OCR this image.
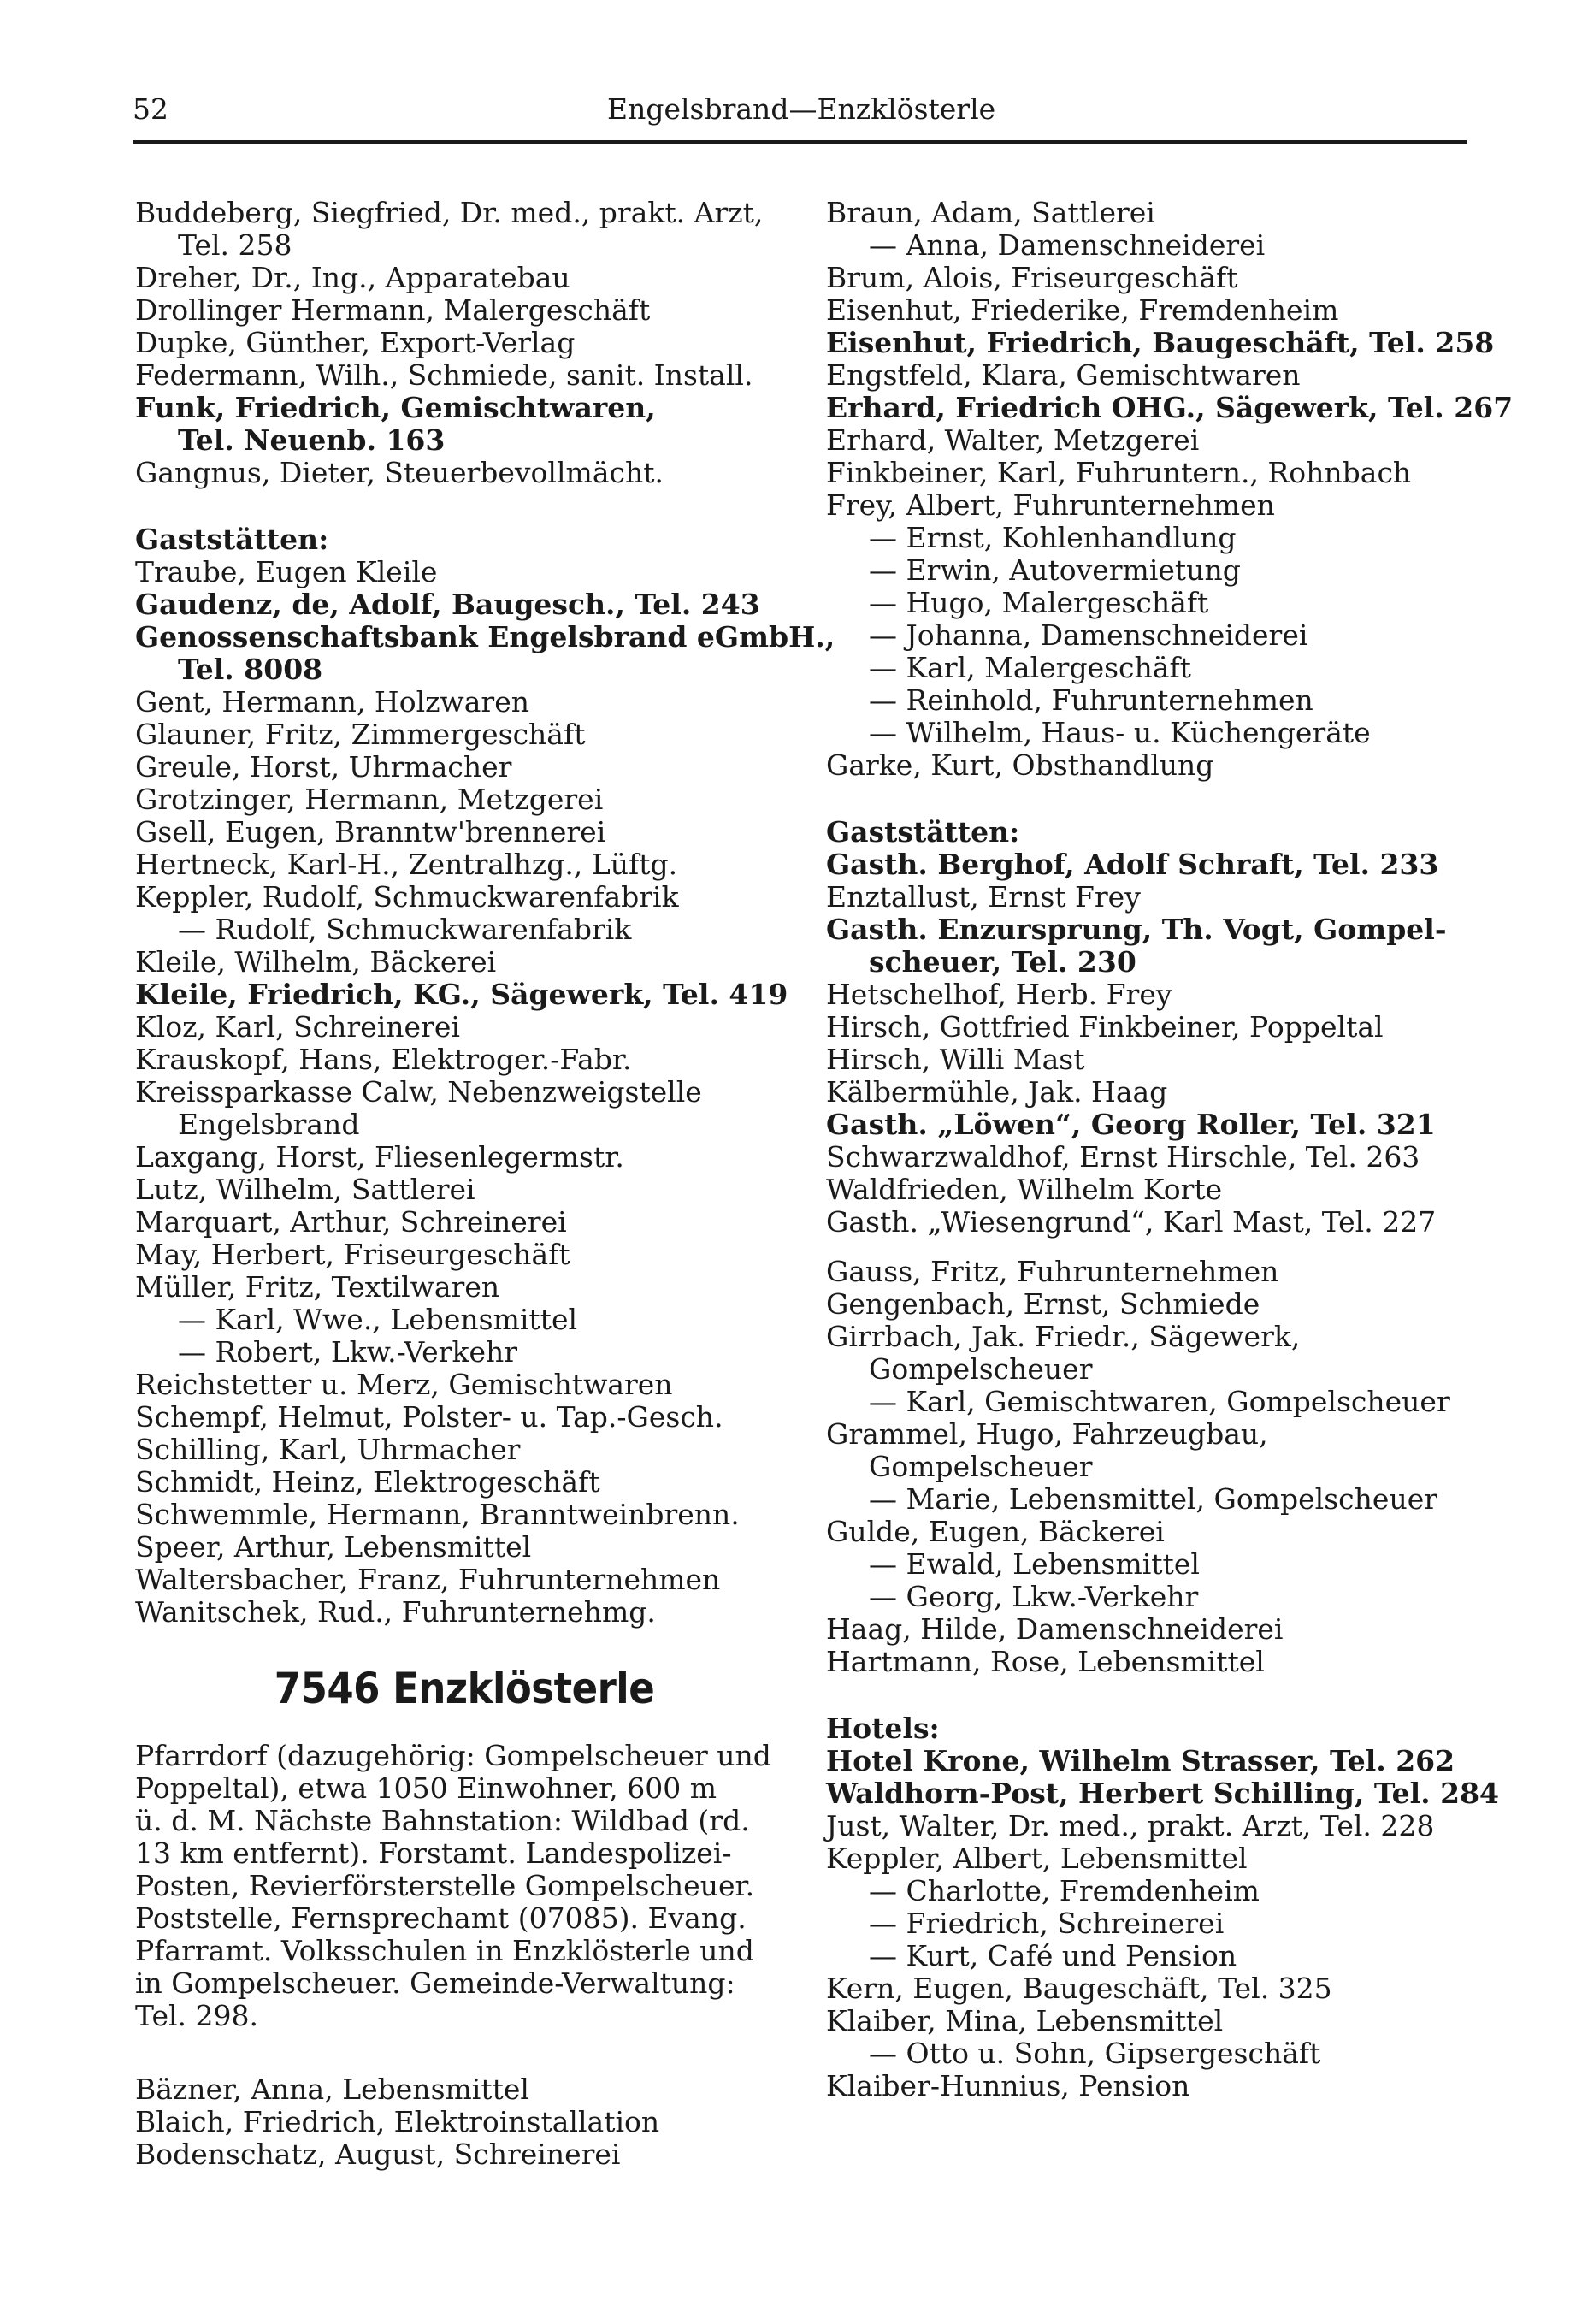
52	Engelsbrand—Enzklösterle
Buddeberg, Siegfried, Dr. med., prakt. Arzt,
Tel. 258
Dreher, Dr., Ing., Apparatebau
Drollinger Hermann, Malergeschäft
Dupke, Günther, Export-Verlag
Federmann, Wilh., Schmiede, sanit. Install.
Funk, Friedrich, Gemischtwaren,
Tel. Neuenb. 163
Gangnus, Dieter, Steuerbevollmächt.
Gaststätten:
Traube, Eugen Kleile
Gaudenz, de, Adolf, Baugesch., Tel. 243
Genossenschaftsbank Engelsbrand eGmbH.,
Tel. 8008
Gent, Hermann, Holzwaren
Glauner, Fritz, Zimmergeschäft
Greule, Horst, Uhrmacher
Grotzinger, Hermann, Metzgerei
Gsell, Eugen, Branntw'brennerei
Hertneck, Karl-H., Zentralhzg., Lüftg.
Keppler, Rudolf, Schmuckwarenfabrik
— Rudolf, Schmuckwarenfabrik
Kleile, Wilhelm, Bäckerei
Kleile, Friedrich, KG., Sägewerk, Tel. 419
Kloz, Karl, Schreinerei
Krauskopf, Hans, Elektroger.-Fabr.
Kreissparkasse Calw, Nebenzweigstelle
Engelsbrand
Laxgang, Horst, Fliesenlegermstr.
Lutz, Wilhelm, Sattlerei
Marquart, Arthur, Schreinerei
May, Herbert, Friseurgeschäft
Müller, Fritz, Textilwaren
— Karl, Wwe., Lebensmittel
— Robert, Lkw.-Verkehr
Reichstetter u. Merz, Gemischtwaren
Schempf, Helmut, Polster- u. Tap.-Gesch.
Schilling, Karl, Uhrmacher
Schmidt, Heinz, Elektrogeschäft
Schwemmle, Hermann, Branntweinbrenn.
Speer, Arthur, Lebensmittel
Waltersbacher, Franz, Fuhrunternehmen
Wanitschek, Rud., Fuhrunternehmg.
7546 Enzklösterle
Pfarrdorf (dazugehörig: Gompelscheuer und
Poppeltal), etwa 1050 Einwohner, 600 m
ü. d. M. Nächste Bahnstation: Wildbad (rd.
13 km entfernt). Forstamt. Landespolizei-
Posten, Revierförsterstelle Gompelscheuer.
Poststelle, Fernsprechamt (07085). Evang.
Pfarramt. Volksschulen in Enzklösterle und
in Gompelscheuer. Gemeinde-Verwaltung:
Tel. 298.
Bäzner, Anna, Lebensmittel
Blaich, Friedrich, Elektroinstallation
Bodenschatz, August, Schreinerei
Braun, Adam, Sattlerei
— Anna, Damenschneiderei
Brum, Alois, Friseurgeschäft
Eisenhut, Friederike, Fremdenheim
Eisenhut, Friedrich, Baugeschäft, Tel. 258
Engstfeld, Klara, Gemischtwaren
Erhard, Friedrich OHG., Sägewerk, Tel. 267
Erhard, Walter, Metzgerei
Finkbeiner, Karl, Fuhruntern., Rohnbach
Frey, Albert, Fuhrunternehmen
— Ernst, Kohlenhandlung
— Erwin, Autovermietung
— Hugo, Malergeschäft
— Johanna, Damenschneiderei
— Karl, Malergeschäft
— Reinhold, Fuhrunternehmen
— Wilhelm, Haus- u. Küchengeräte
Garke, Kurt, Obsthandlung
Gaststätten:
Gasth. Berghof, Adolf Schraft, Tel. 233
Enztallust, Ernst Frey
Gasth. Enzursprung, Th. Vogt, Gompel-
scheuer, Tel. 230
Hetschelhof, Herb. Frey
Hirsch, Gottfried Finkbeiner, Poppeltal
Hirsch, Willi Mast
Kälbermühle, Jak. Haag
Gasth. „Löwen“, Georg Roller, Tel. 321
Schwarzwaldhof, Ernst Hirschle, Tel. 263
Waldfrieden, Wilhelm Korte
Gasth. „Wiesengrund“, Karl Mast, Tel. 227
Gauss, Fritz, Fuhrunternehmen
Gengenbach, Ernst, Schmiede
Girrbach, Jak. Friedr., Sägewerk,
Gompelscheuer
— Karl, Gemischtwaren, Gompelscheuer
Grammel, Hugo, Fahrzeugbau,
Gompelscheuer
— Marie, Lebensmittel, Gompelscheuer
Gulde, Eugen, Bäckerei
— Ewald, Lebensmittel
— Georg, Lkw.-Verkehr
Haag, Hilde, Damenschneiderei
Hartmann, Rose, Lebensmittel
Hotels:
Hotel Krone, Wilhelm Strasser, Tel. 262
Waldhorn-Post, Herbert Schilling, Tel. 284
Just, Walter, Dr. med., prakt. Arzt, Tel. 228
Keppler, Albert, Lebensmittel
— Charlotte, Fremdenheim
— Friedrich, Schreinerei
— Kurt, Café und Pension
Kern, Eugen, Baugeschäft, Tel. 325
Klaiber, Mina, Lebensmittel
— Otto u. Sohn, Gipsergeschäft
Klaiber-Hunnius, Pension
